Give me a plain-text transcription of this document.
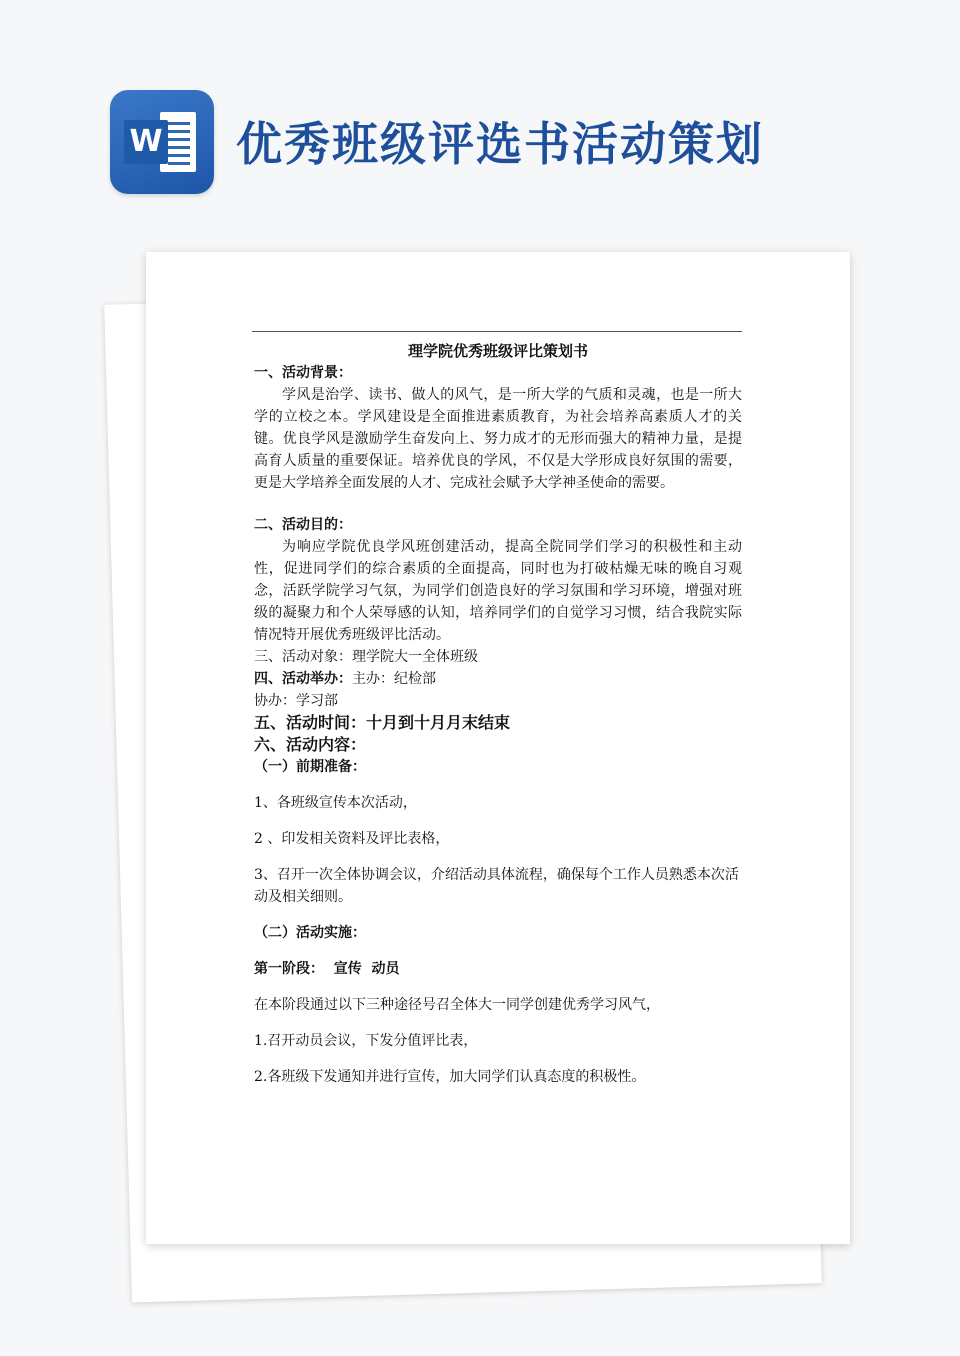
W 优秀班级评选书活动策划

理学院优秀班级评比策划书

一、活动背景：

学风是治学、读书、做人的风气，是一所大学的气质和灵魂，也是一所大学的立校之本。学风建设是全面推进素质教育，为社会培养高素质人才的关键。优良学风是激励学生奋发向上、努力成才的无形而强大的精神力量，是提高育人质量的重要保证。培养优良的学风，不仅是大学形成良好氛围的需要，更是大学培养全面发展的人才、完成社会赋予大学神圣使命的需要。

二、活动目的：

为响应学院优良学风班创建活动，提高全院同学们学习的积极性和主动性，促进同学们的综合素质的全面提高，同时也为打破枯燥无味的晚自习观念，活跃学院学习气氛，为同学们创造良好的学习氛围和学习环境，增强对班级的凝聚力和个人荣辱感的认知，培养同学们的自觉学习习惯，结合我院实际情况特开展优秀班级评比活动。

三、活动对象：理学院大一全体班级

四、活动举办：主办：纪检部

协办：学习部

五、活动时间：十月到十月月末结束

六、活动内容：

（一）前期准备：

1、各班级宣传本次活动，

2 、印发相关资料及评比表格，

3、召开一次全体协调会议，介绍活动具体流程，确保每个工作人员熟悉本次活动及相关细则。

（二）活动实施：

第一阶段：  宣传  动员

在本阶段通过以下三种途径号召全体大一同学创建优秀学习风气，

1.召开动员会议，下发分值评比表，

2.各班级下发通知并进行宣传，加大同学们认真态度的积极性。
